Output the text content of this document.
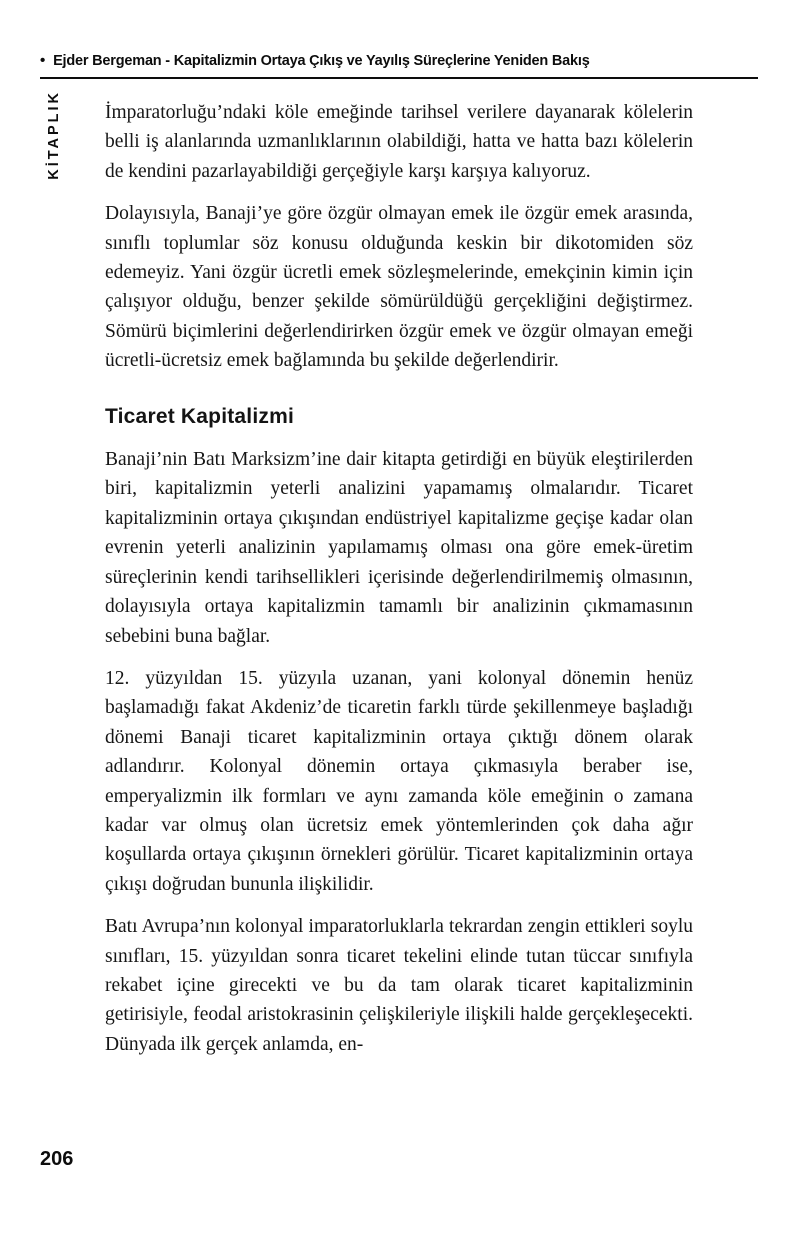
• Ejder Bergeman - Kapitalizmin Ortaya Çıkış ve Yayılış Süreçlerine Yeniden Bakış
KİTAPLIK İmparatorluğu’ndaki köle emeğinde tarihsel verilere dayanarak kölelerin belli iş alanlarında uzmanlıklarının olabildiği, hatta ve hatta bazı kölelerin de kendini pazarlayabildiği gerçeğiyle karşı karşıya kalıyoruz.

Dolayısıyla, Banaji’ye göre özgür olmayan emek ile özgür emek arasında, sınıflı toplumlar söz konusu olduğunda keskin bir dikotomiden söz edemeyiz. Yani özgür ücretli emek sözleşmelerinde, emekçinin kimin için çalışıyor olduğu, benzer şekilde sömürüldüğü gerçekliğini değiştirmez. Sömürü biçimlerini değerlendirirken özgür emek ve özgür olmayan emeği ücretli-ücretsiz emek bağlamında bu şekilde değerlendirir.

Ticaret Kapitalizmi

Banaji’nin Batı Marksizm’ine dair kitapta getirdiği en büyük eleştirilerden biri, kapitalizmin yeterli analizini yapamamış olmalarıdır. Ticaret kapitalizminin ortaya çıkışından endüstriyel kapitalizme geçişe kadar olan evrenin yeterli analizinin yapılamamış olması ona göre emek-üretim süreçlerinin kendi tarihsellikleri içerisinde değerlendirilmemiş olmasının, dolayısıyla ortaya kapitalizmin tamamlı bir analizinin çıkmamasının sebebini buna bağlar.

12. yüzyıldan 15. yüzyıla uzanan, yani kolonyal dönemin henüz başlamadığı fakat Akdeniz’de ticaretin farklı türde şekillenmeye başladığı dönemi Banaji ticaret kapitalizminin ortaya çıktığı dönem olarak adlandırır. Kolonyal dönemin ortaya çıkmasıyla beraber ise, emperyalizmin ilk formları ve aynı zamanda köle emeğinin o zamana kadar var olmuş olan ücretsiz emek yöntemlerinden çok daha ağır koşullarda ortaya çıkışının örnekleri görülür. Ticaret kapitalizminin ortaya çıkışı doğrudan bununla ilişkilidir.

Batı Avrupa’nın kolonyal imparatorluklarla tekrardan zengin ettikleri soylu sınıfları, 15. yüzyıldan sonra ticaret tekelini elinde tutan tüccar sınıfıyla rekabet içine girecekti ve bu da tam olarak ticaret kapitalizminin getirisiyle, feodal aristokrasinin çelişkileriyle ilişkili halde gerçekleşecekti. Dünyada ilk gerçek anlamda, en-

206
